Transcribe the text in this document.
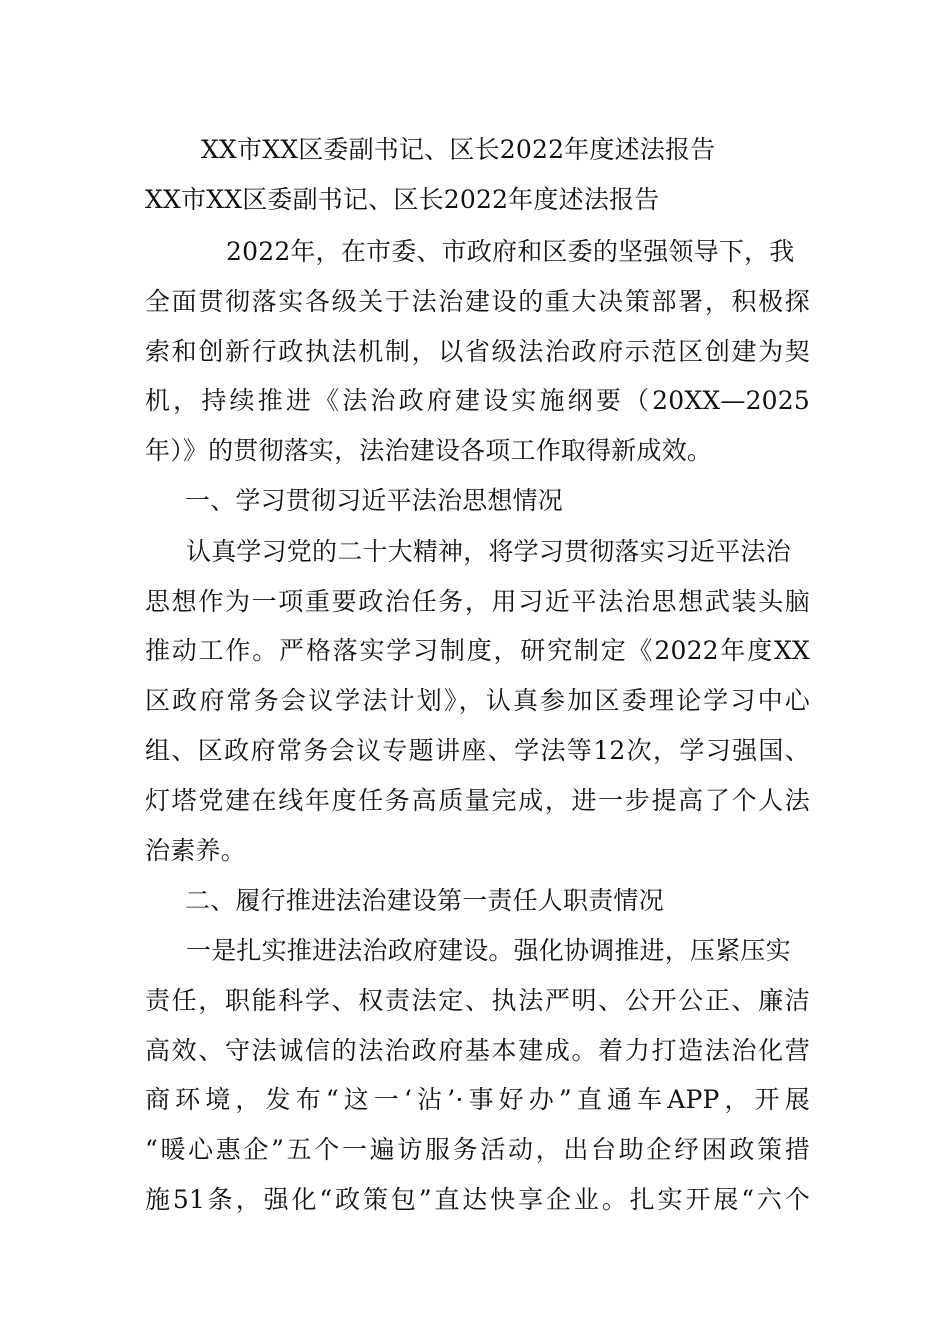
XX市XX区委副书记、区长2022年度述法报告
XX市XX区委副书记、区长2022年度述法报告
2022年，在市委、市政府和区委的坚强领导下，我
全面贯彻落实各级关于法治建设的重大决策部署，积极探
索和创新行政执法机制，以省级法治政府示范区创建为契
机，持续推进《法治政府建设实施纲要（20XX—2025
年）》的贯彻落实，法治建设各项工作取得新成效。
一、学习贯彻习近平法治思想情况
认真学习党的二十大精神，将学习贯彻落实习近平法治
思想作为一项重要政治任务，用习近平法治思想武装头脑
推动工作。严格落实学习制度，研究制定《2022年度XX
区政府常务会议学法计划》，认真参加区委理论学习中心
组、区政府常务会议专题讲座、学法等12次，学习强国、
灯塔党建在线年度任务高质量完成，进一步提高了个人法
治素养。
二、履行推进法治建设第一责任人职责情况
一是扎实推进法治政府建设。强化协调推进，压紧压实
责任，职能科学、权责法定、执法严明、公开公正、廉洁
高效、守法诚信的法治政府基本建成。着力打造法治化营
商环境，发布“这一‘沾’·事好办”直通车APP，开展
“暖心惠企”五个一遍访服务活动，出台助企纾困政策措
施51条，强化“政策包”直达快享企业。扎实开展“六个
